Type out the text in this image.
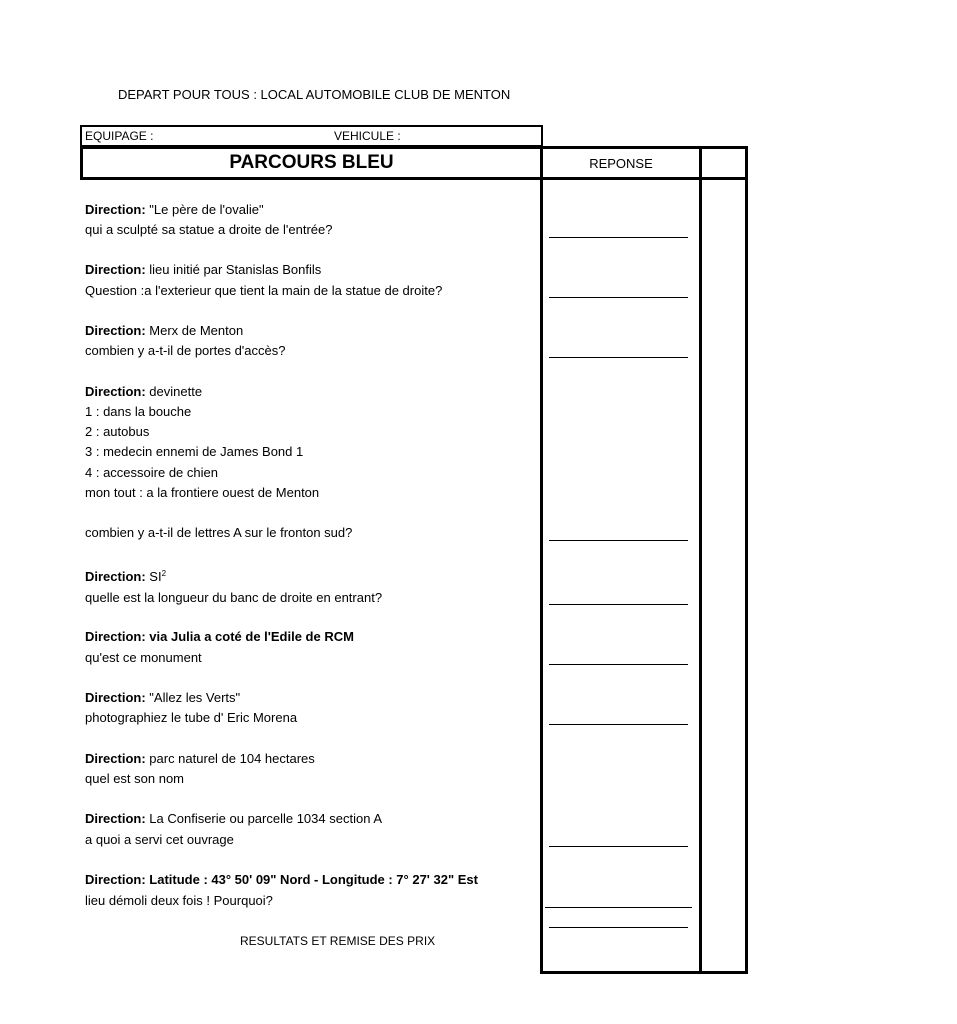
DEPART POUR TOUS : LOCAL AUTOMOBILE CLUB DE MENTON
EQUIPAGE :	VEHICULE :
PARCOURS BLEU	REPONSE
Direction: "Le père de l'ovalie"
qui a sculpté sa statue a droite de l'entrée?
Direction: lieu initié par Stanislas Bonfils
Question :a l'exterieur que tient la main de la statue de droite?
Direction: Merx de Menton
combien y a-t-il de portes d'accès?
Direction: devinette
1 : dans la bouche
2 : autobus
3 : medecin ennemi de James Bond 1
4 : accessoire de chien
mon tout : a la frontiere ouest de Menton
combien y a-t-il de lettres A sur le fronton sud?
Direction: $SI^2$
quelle est la longueur du banc de droite en entrant?
Direction: via Julia a coté de l'Edile de RCM
qu'est ce monument
Direction: "Allez les Verts"
photographiez le tube d' Eric Morena
Direction: parc naturel de 104 hectares
quel est son nom
Direction: La Confiserie ou parcelle 1034 section A
a quoi a servi cet ouvrage
Direction: Latitude : 43° 50' 09" Nord - Longitude : 7° 27' 32" Est
lieu démoli deux fois ! Pourquoi?
RESULTATS ET REMISE DES PRIX
